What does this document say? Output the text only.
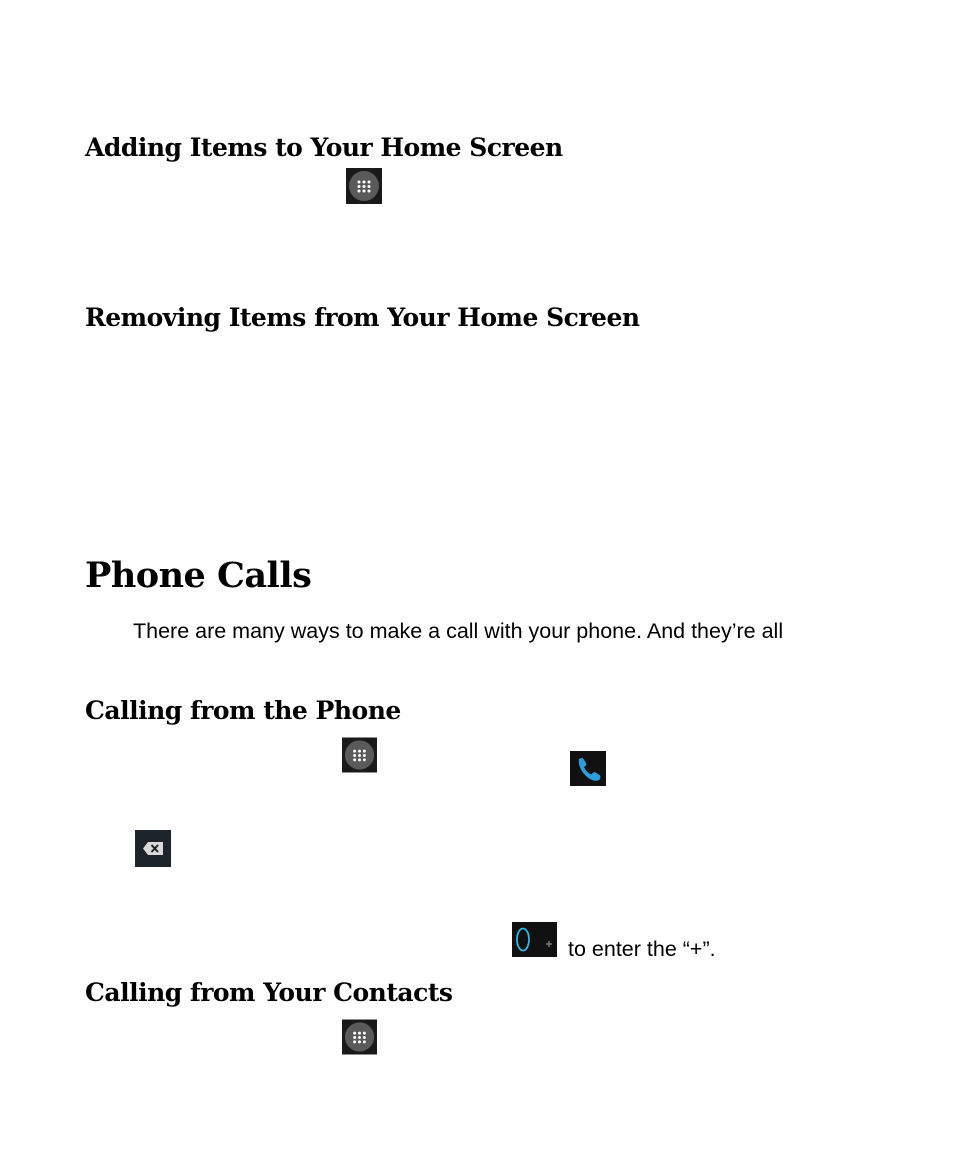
Adding Items to Your Home Screen
Removing Items from Your Home Screen
Phone Calls

There are many ways to make a call with your phone. And they’re all

Calling from the Phone
to enter the “+”.
Calling from Your Contacts
